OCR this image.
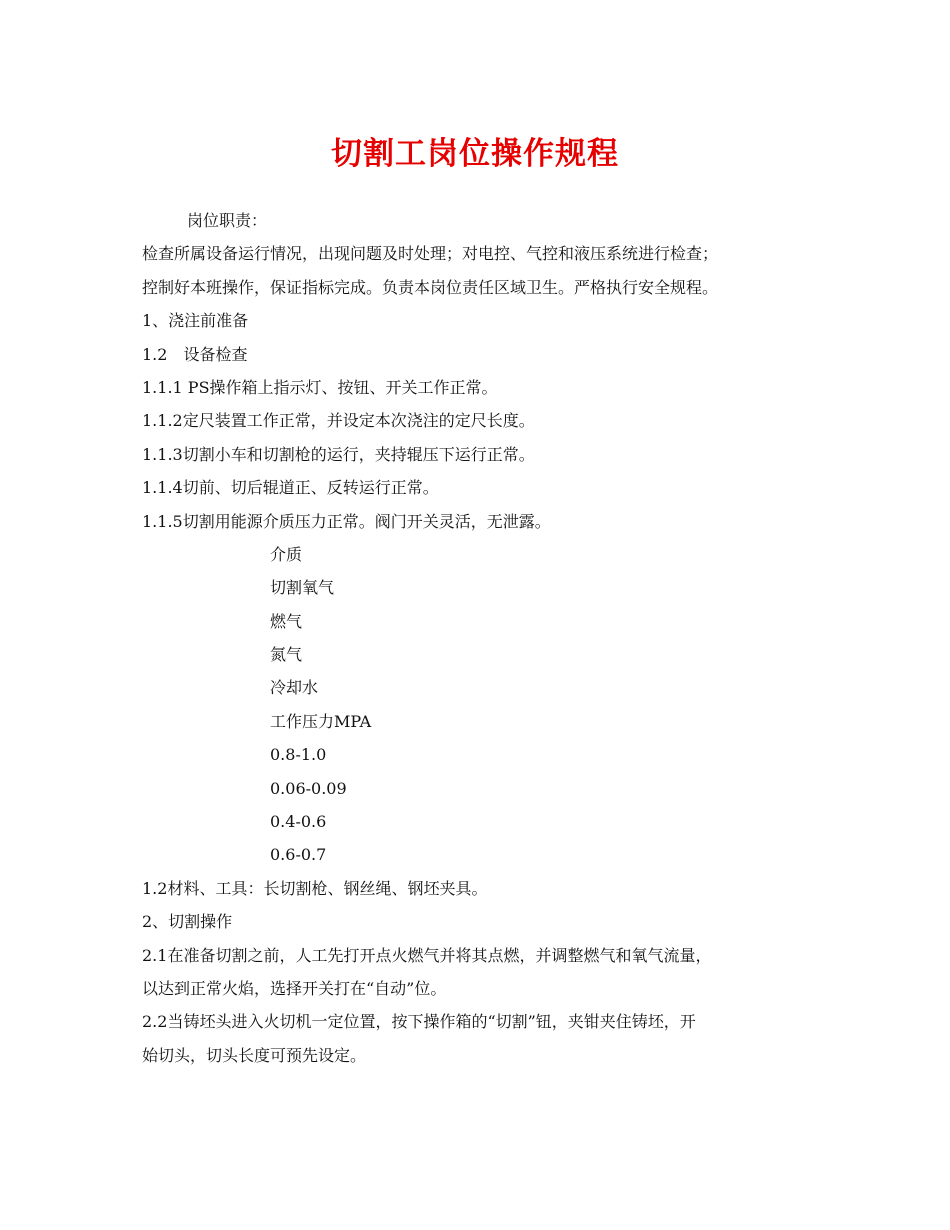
切割工岗位操作规程
岗位职责：
检查所属设备运行情况，出现问题及时处理；对电控、气控和液压系统进行检查；
控制好本班操作，保证指标完成。负责本岗位责任区域卫生。严格执行安全规程。
1、浇注前准备
1.2　设备检查
1.1.1 PS操作箱上指示灯、按钮、开关工作正常。
1.1.2定尺装置工作正常，并设定本次浇注的定尺长度。
1.1.3切割小车和切割枪的运行，夹持辊压下运行正常。
1.1.4切前、切后辊道正、反转运行正常。
1.1.5切割用能源介质压力正常。阀门开关灵活，无泄露。
介质
切割氧气
燃气
氮气
冷却水
工作压力MPA
0.8-1.0
0.06-0.09
0.4-0.6
0.6-0.7
1.2材料、工具：长切割枪、钢丝绳、钢坯夹具。
2、切割操作
2.1在准备切割之前，人工先打开点火燃气并将其点燃，并调整燃气和氧气流量，
以达到正常火焰，选择开关打在“自动”位。
2.2当铸坯头进入火切机一定位置，按下操作箱的“切割”钮，夹钳夹住铸坯，开
始切头，切头长度可预先设定。
